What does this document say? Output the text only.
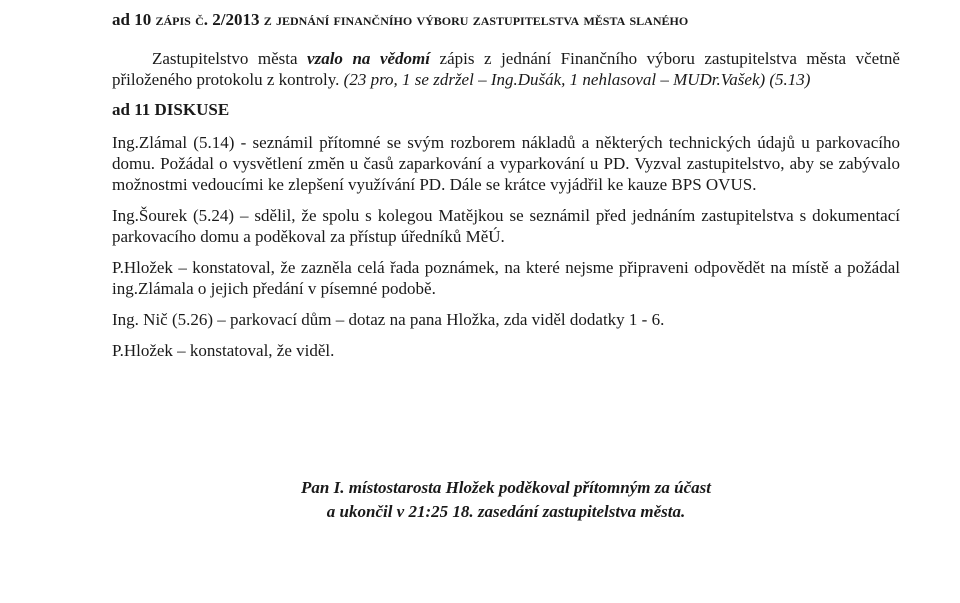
ad 10 zápis č. 2/2013 z jednání finančního výboru zastupitelstva města slaného

Zastupitelstvo města vzalo na vědomí zápis z jednání Finančního výboru zastupitelstva města včetně přiloženého protokolu z kontroly. (23 pro, 1 se zdržel – Ing.Dušák, 1 nehlasoval – MUDr.Vašek) (5.13)

ad 11 DISKUSE

Ing.Zlámal (5.14) - seznámil přítomné se svým rozborem nákladů a některých technických údajů u parkovacího domu. Požádal o vysvětlení změn u časů zaparkování a vyparkování u PD. Vyzval zastupitelstvo, aby se zabývalo možnostmi vedoucími ke zlepšení využívání PD. Dále se krátce vyjádřil ke kauze BPS OVUS.

Ing.Šourek (5.24) – sdělil, že spolu s kolegou Matějkou se seznámil před jednáním zastupitelstva s dokumentací parkovacího domu a poděkoval za přístup úředníků MěÚ.

P.Hložek – konstatoval, že zazněla celá řada poznámek, na které nejsme připraveni odpovědět na místě a požádal ing.Zlámala o jejich předání v písemné podobě.

Ing. Nič (5.26) – parkovací dům – dotaz na pana Hložka, zda viděl dodatky 1 - 6.

P.Hložek – konstatoval, že viděl.

Pan I. místostarosta Hložek poděkoval přítomným za účast
a ukončil v 21:25 18. zasedání zastupitelstva města.
